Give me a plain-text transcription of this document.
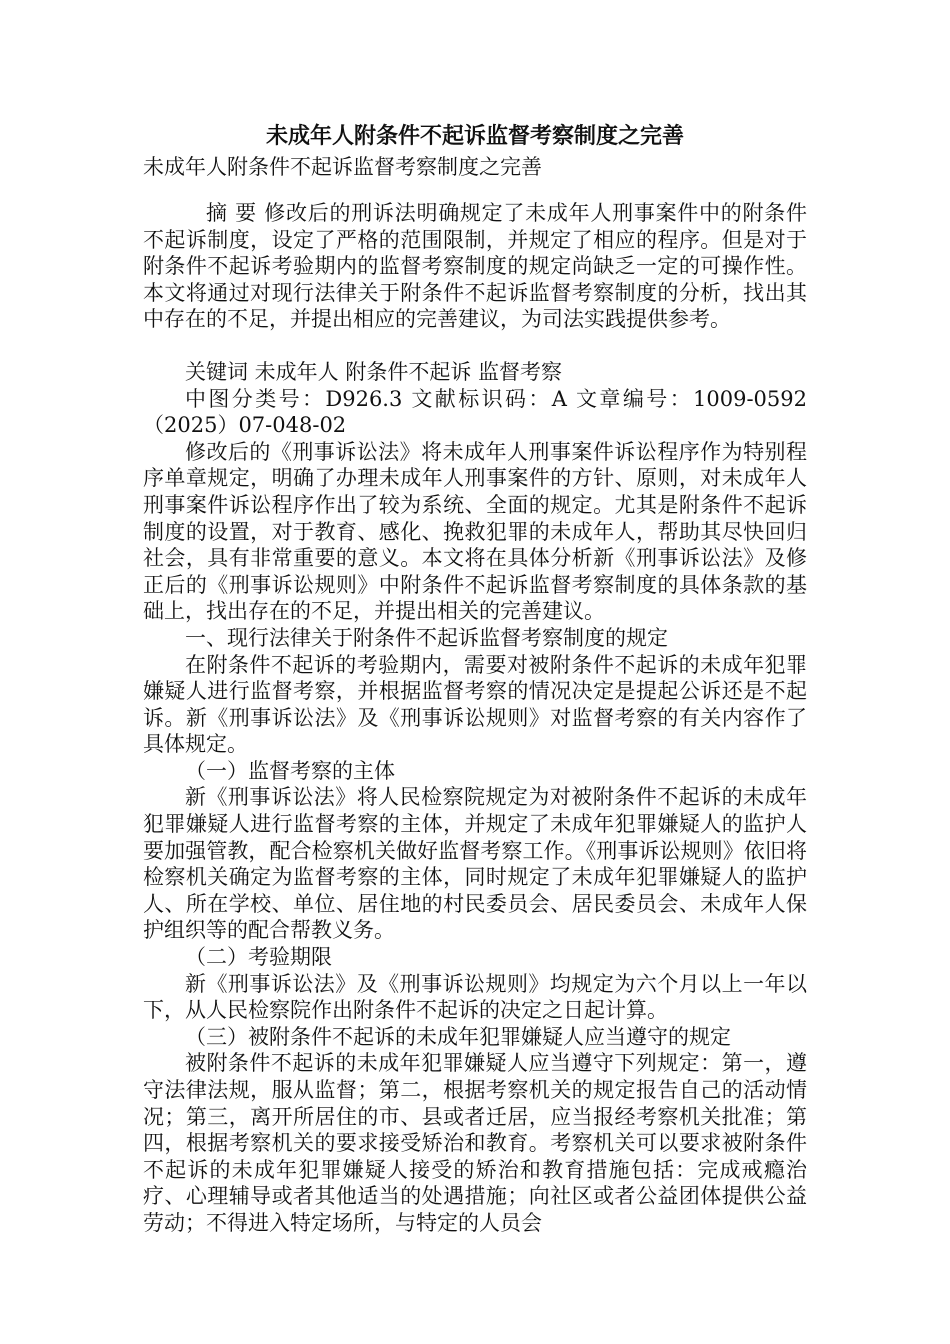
未成年人附条件不起诉监督考察制度之完善
未成年人附条件不起诉监督考察制度之完善

摘 要 修改后的刑诉法明确规定了未成年人刑事案件中的附条件不起诉制度，设定了严格的范围限制，并规定了相应的程序。但是对于附条件不起诉考验期内的监督考察制度的规定尚缺乏一定的可操作性。本文将通过对现行法律关于附条件不起诉监督考察制度的分析，找出其中存在的不足，并提出相应的完善建议，为司法实践提供参考。

关键词 未成年人 附条件不起诉 监督考察

中图分类号：D926.3 文献标识码：A 文章编号：1009-0592（2025）07-048-02

修改后的《刑事诉讼法》将未成年人刑事案件诉讼程序作为特别程序单章规定，明确了办理未成年人刑事案件的方针、原则，对未成年人刑事案件诉讼程序作出了较为系统、全面的规定。尤其是附条件不起诉制度的设置，对于教育、感化、挽救犯罪的未成年人，帮助其尽快回归社会，具有非常重要的意义。本文将在具体分析新《刑事诉讼法》及修正后的《刑事诉讼规则》中附条件不起诉监督考察制度的具体条款的基础上，找出存在的不足，并提出相关的完善建议。

一、现行法律关于附条件不起诉监督考察制度的规定

在附条件不起诉的考验期内，需要对被附条件不起诉的未成年犯罪嫌疑人进行监督考察，并根据监督考察的情况决定是提起公诉还是不起诉。新《刑事诉讼法》及《刑事诉讼规则》对监督考察的有关内容作了具体规定。

（一）监督考察的主体

新《刑事诉讼法》将人民检察院规定为对被附条件不起诉的未成年犯罪嫌疑人进行监督考察的主体，并规定了未成年犯罪嫌疑人的监护人要加强管教，配合检察机关做好监督考察工作。《刑事诉讼规则》依旧将检察机关确定为监督考察的主体，同时规定了未成年犯罪嫌疑人的监护人、所在学校、单位、居住地的村民委员会、居民委员会、未成年人保护组织等的配合帮教义务。

（二）考验期限

新《刑事诉讼法》及《刑事诉讼规则》均规定为六个月以上一年以下，从人民检察院作出附条件不起诉的决定之日起计算。

（三）被附条件不起诉的未成年犯罪嫌疑人应当遵守的规定

被附条件不起诉的未成年犯罪嫌疑人应当遵守下列规定：第一，遵守法律法规，服从监督；第二，根据考察机关的规定报告自己的活动情况；第三，离开所居住的市、县或者迁居，应当报经考察机关批准；第四，根据考察机关的要求接受矫治和教育。考察机关可以要求被附条件不起诉的未成年犯罪嫌疑人接受的矫治和教育措施包括：完成戒瘾治疗、心理辅导或者其他适当的处遇措施；向社区或者公益团体提供公益劳动；不得进入特定场所，与特定的人员会
